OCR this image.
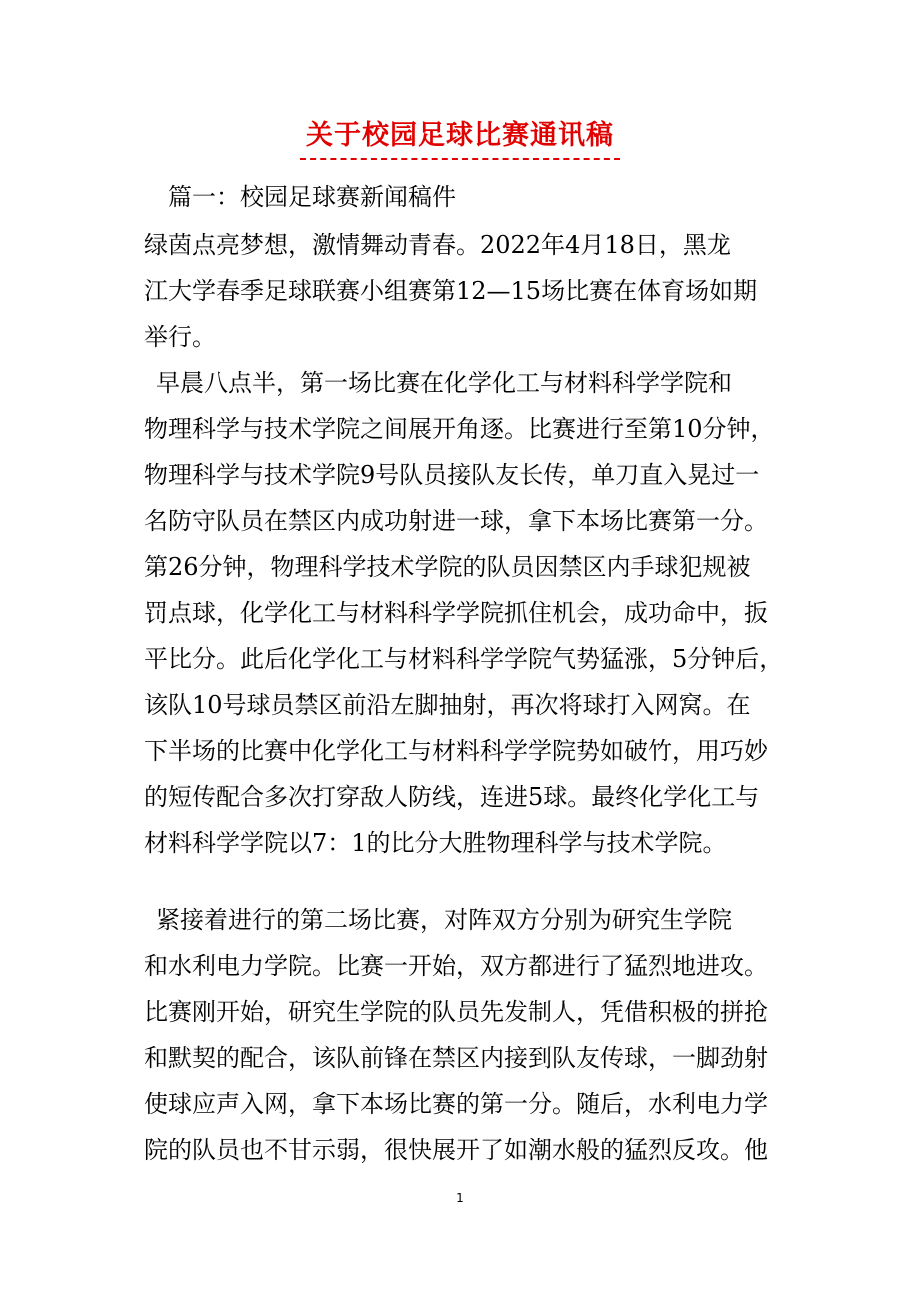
关于校园足球比赛通讯稿
篇一：校园足球赛新闻稿件
绿茵点亮梦想，激情舞动青春。2022年4月18日，黑龙
江大学春季足球联赛小组赛第12—15场比赛在体育场如期
举行。
早晨八点半，第一场比赛在化学化工与材料科学学院和
物理科学与技术学院之间展开角逐。比赛进行至第10分钟，
物理科学与技术学院9号队员接队友长传，单刀直入晃过一
名防守队员在禁区内成功射进一球，拿下本场比赛第一分。
第26分钟，物理科学技术学院的队员因禁区内手球犯规被
罚点球，化学化工与材料科学学院抓住机会，成功命中，扳
平比分。此后化学化工与材料科学学院气势猛涨，5分钟后，
该队10号球员禁区前沿左脚抽射，再次将球打入网窝。在
下半场的比赛中化学化工与材料科学学院势如破竹，用巧妙
的短传配合多次打穿敌人防线，连进5球。最终化学化工与
材料科学学院以7：1的比分大胜物理科学与技术学院。
紧接着进行的第二场比赛，对阵双方分别为研究生学院
和水利电力学院。比赛一开始，双方都进行了猛烈地进攻。
比赛刚开始，研究生学院的队员先发制人，凭借积极的拼抢
和默契的配合，该队前锋在禁区内接到队友传球，一脚劲射
使球应声入网，拿下本场比赛的第一分。随后，水利电力学
院的队员也不甘示弱，很快展开了如潮水般的猛烈反攻。他
1
